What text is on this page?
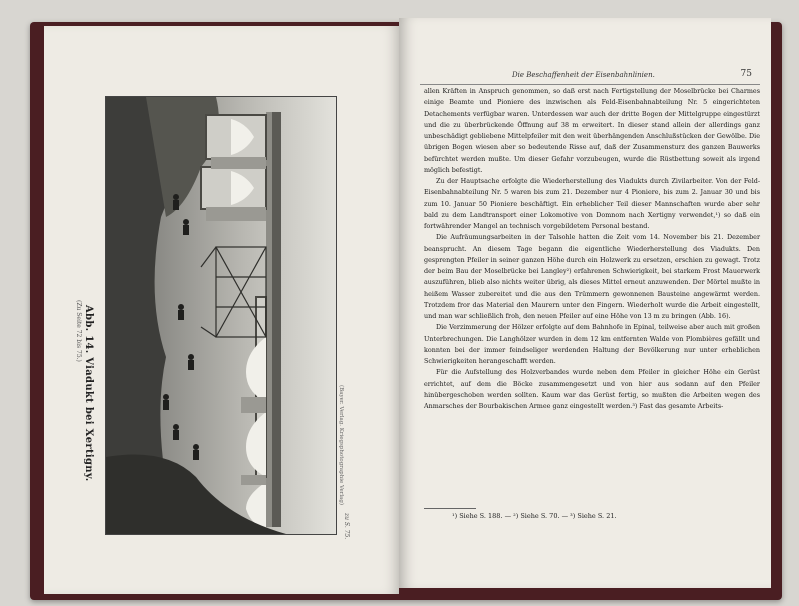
Abb. 14. Viadukt bei Xertigny.
(Zu Seite 72 bis 75.)
(Bayer. Verlag. Kriegsphotographie Verlag)
zu S. 75.
Die Beschaffenheit der Eisenbahnlinien.	75

allen Kräften in Anspruch genommen, so daß erst nach Fertigstellung der Moselbrücke bei Charmes einige Beamte und Pioniere des inzwischen als Feld-Eisenbahnabteilung Nr. 5 eingerichteten Detachements verfügbar waren. Unterdessen war auch der dritte Bogen der Mittelgruppe eingestürzt und die zu überbrückende Öffnung auf 38 m erweitert. In dieser stand allein der allerdings ganz unbeschädigt gebliebene Mittelpfeiler mit den weit überhängenden Anschlußstücken der Gewölbe. Die übrigen Bogen wiesen aber so bedeutende Risse auf, daß der Zusammensturz des ganzen Bauwerks befürchtet werden mußte. Um dieser Gefahr vorzubeugen, wurde die Rüstbettung soweit als irgend möglich befestigt.

Zu der Hauptsache erfolgte die Wiederherstellung des Viadukts durch Zivilarbeiter. Von der Feld-Eisenbahnabteilung Nr. 5 waren bis zum 21. Dezember nur 4 Pioniere, bis zum 2. Januar 30 und bis zum 10. Januar 50 Pioniere beschäftigt. Ein erheblicher Teil dieser Mannschaften wurde aber sehr bald zu dem Landtransport einer Lokomotive von Domnom nach Xertigny verwendet,¹) so daß ein fortwährender Mangel an technisch vorgebildetem Personal bestand.

Die Aufräumungsarbeiten in der Talsohle hatten die Zeit vom 14. November bis 21. Dezember beansprucht. An diesem Tage begann die eigentliche Wiederherstellung des Viadukts. Den gesprengten Pfeiler in seiner ganzen Höhe durch ein Holzwerk zu ersetzen, erschien zu gewagt. Trotz der beim Bau der Moselbrücke bei Langley²) erfahrenen Schwierigkeit, bei starkem Frost Mauerwerk auszuführen, blieb also nichts weiter übrig, als dieses Mittel erneut anzuwenden. Der Mörtel mußte in heißem Wasser zubereitet und die aus den Trümmern gewonnenen Bausteine angewärmt werden. Trotzdem fror das Material den Maurern unter den Fingern. Wiederholt wurde die Arbeit eingestellt, und man war schließlich froh, den neuen Pfeiler auf eine Höhe von 13 m zu bringen (Abb. 16).

Die Verzimmerung der Hölzer erfolgte auf dem Bahnhofe in Epinal, teilweise aber auch mit großen Unterbrechungen. Die Langhölzer wurden in dem 12 km entfernten Walde von Plombières gefällt und konnten bei der immer feindseliger werdenden Haltung der Bevölkerung nur unter erheblichen Schwierigkeiten herangeschafft werden.

Für die Aufstellung des Holzverbandes wurde neben dem Pfeiler in gleicher Höhe ein Gerüst errichtet, auf dem die Böcke zusammengesetzt und von hier aus sodann auf den Pfeiler hinübergeschoben werden sollten. Kaum war das Gerüst fertig, so mußten die Arbeiten wegen des Anmarsches der Bourbakischen Armee ganz eingestellt werden.³) Fast das gesamte Arbeits-

¹) Siehe S. 188. — ²) Siehe S. 70. — ³) Siehe S. 21.
